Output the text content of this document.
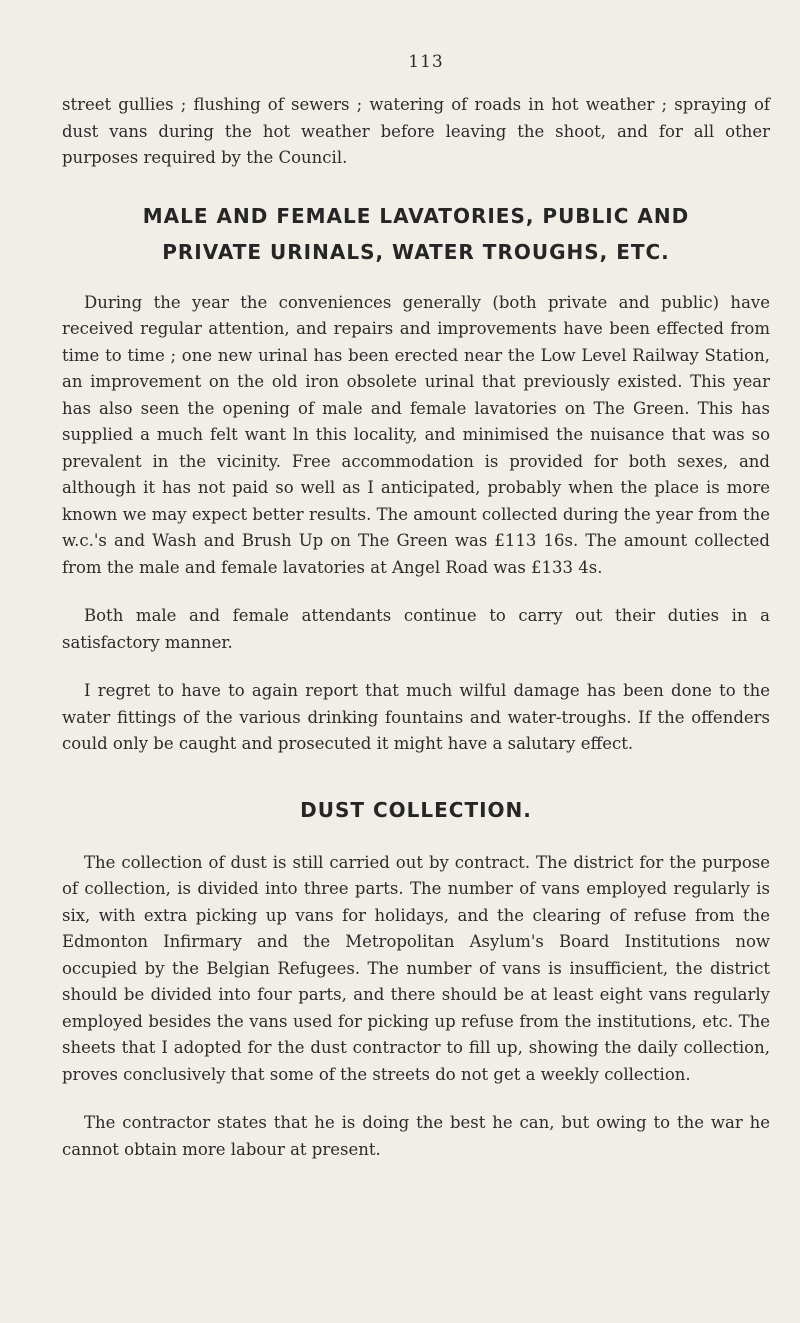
113

street gullies ; flushing of sewers ; watering of roads in hot weather ; spraying of dust vans during the hot weather before leaving the shoot, and for all other purposes required by the Council.

MALE AND FEMALE LAVATORIES, PUBLIC AND
PRIVATE URINALS, WATER TROUGHS, ETC.

During the year the conveniences generally (both private and public) have received regular attention, and repairs and improvements have been effected from time to time ; one new urinal has been erected near the Low Level Railway Station, an improvement on the old iron obsolete urinal that previously existed. This year has also seen the opening of male and female lavatories on The Green. This has supplied a much felt want ln this locality, and minimised the nuisance that was so prevalent in the vicinity. Free accommodation is provided for both sexes, and although it has not paid so well as I anticipated, probably when the place is more known we may expect better results. The amount collected during the year from the w.c.'s and Wash and Brush Up on The Green was £113 16s. The amount collected from the male and female lavatories at Angel Road was £133 4s.

Both male and female attendants continue to carry out their duties in a satisfactory manner.

I regret to have to again report that much wilful damage has been done to the water fittings of the various drinking fountains and water-troughs. If the offenders could only be caught and prosecuted it might have a salutary effect.

DUST COLLECTION.

The collection of dust is still carried out by contract. The district for the purpose of collection, is divided into three parts. The number of vans employed regularly is six, with extra picking up vans for holidays, and the clearing of refuse from the Edmonton Infirmary and the Metropolitan Asylum's Board Institutions now occupied by the Belgian Refugees. The number of vans is insufficient, the district should be divided into four parts, and there should be at least eight vans regularly employed besides the vans used for picking up refuse from the institutions, etc. The sheets that I adopted for the dust contractor to fill up, showing the daily collection, proves conclusively that some of the streets do not get a weekly collection.

The contractor states that he is doing the best he can, but owing to the war he cannot obtain more labour at present.
